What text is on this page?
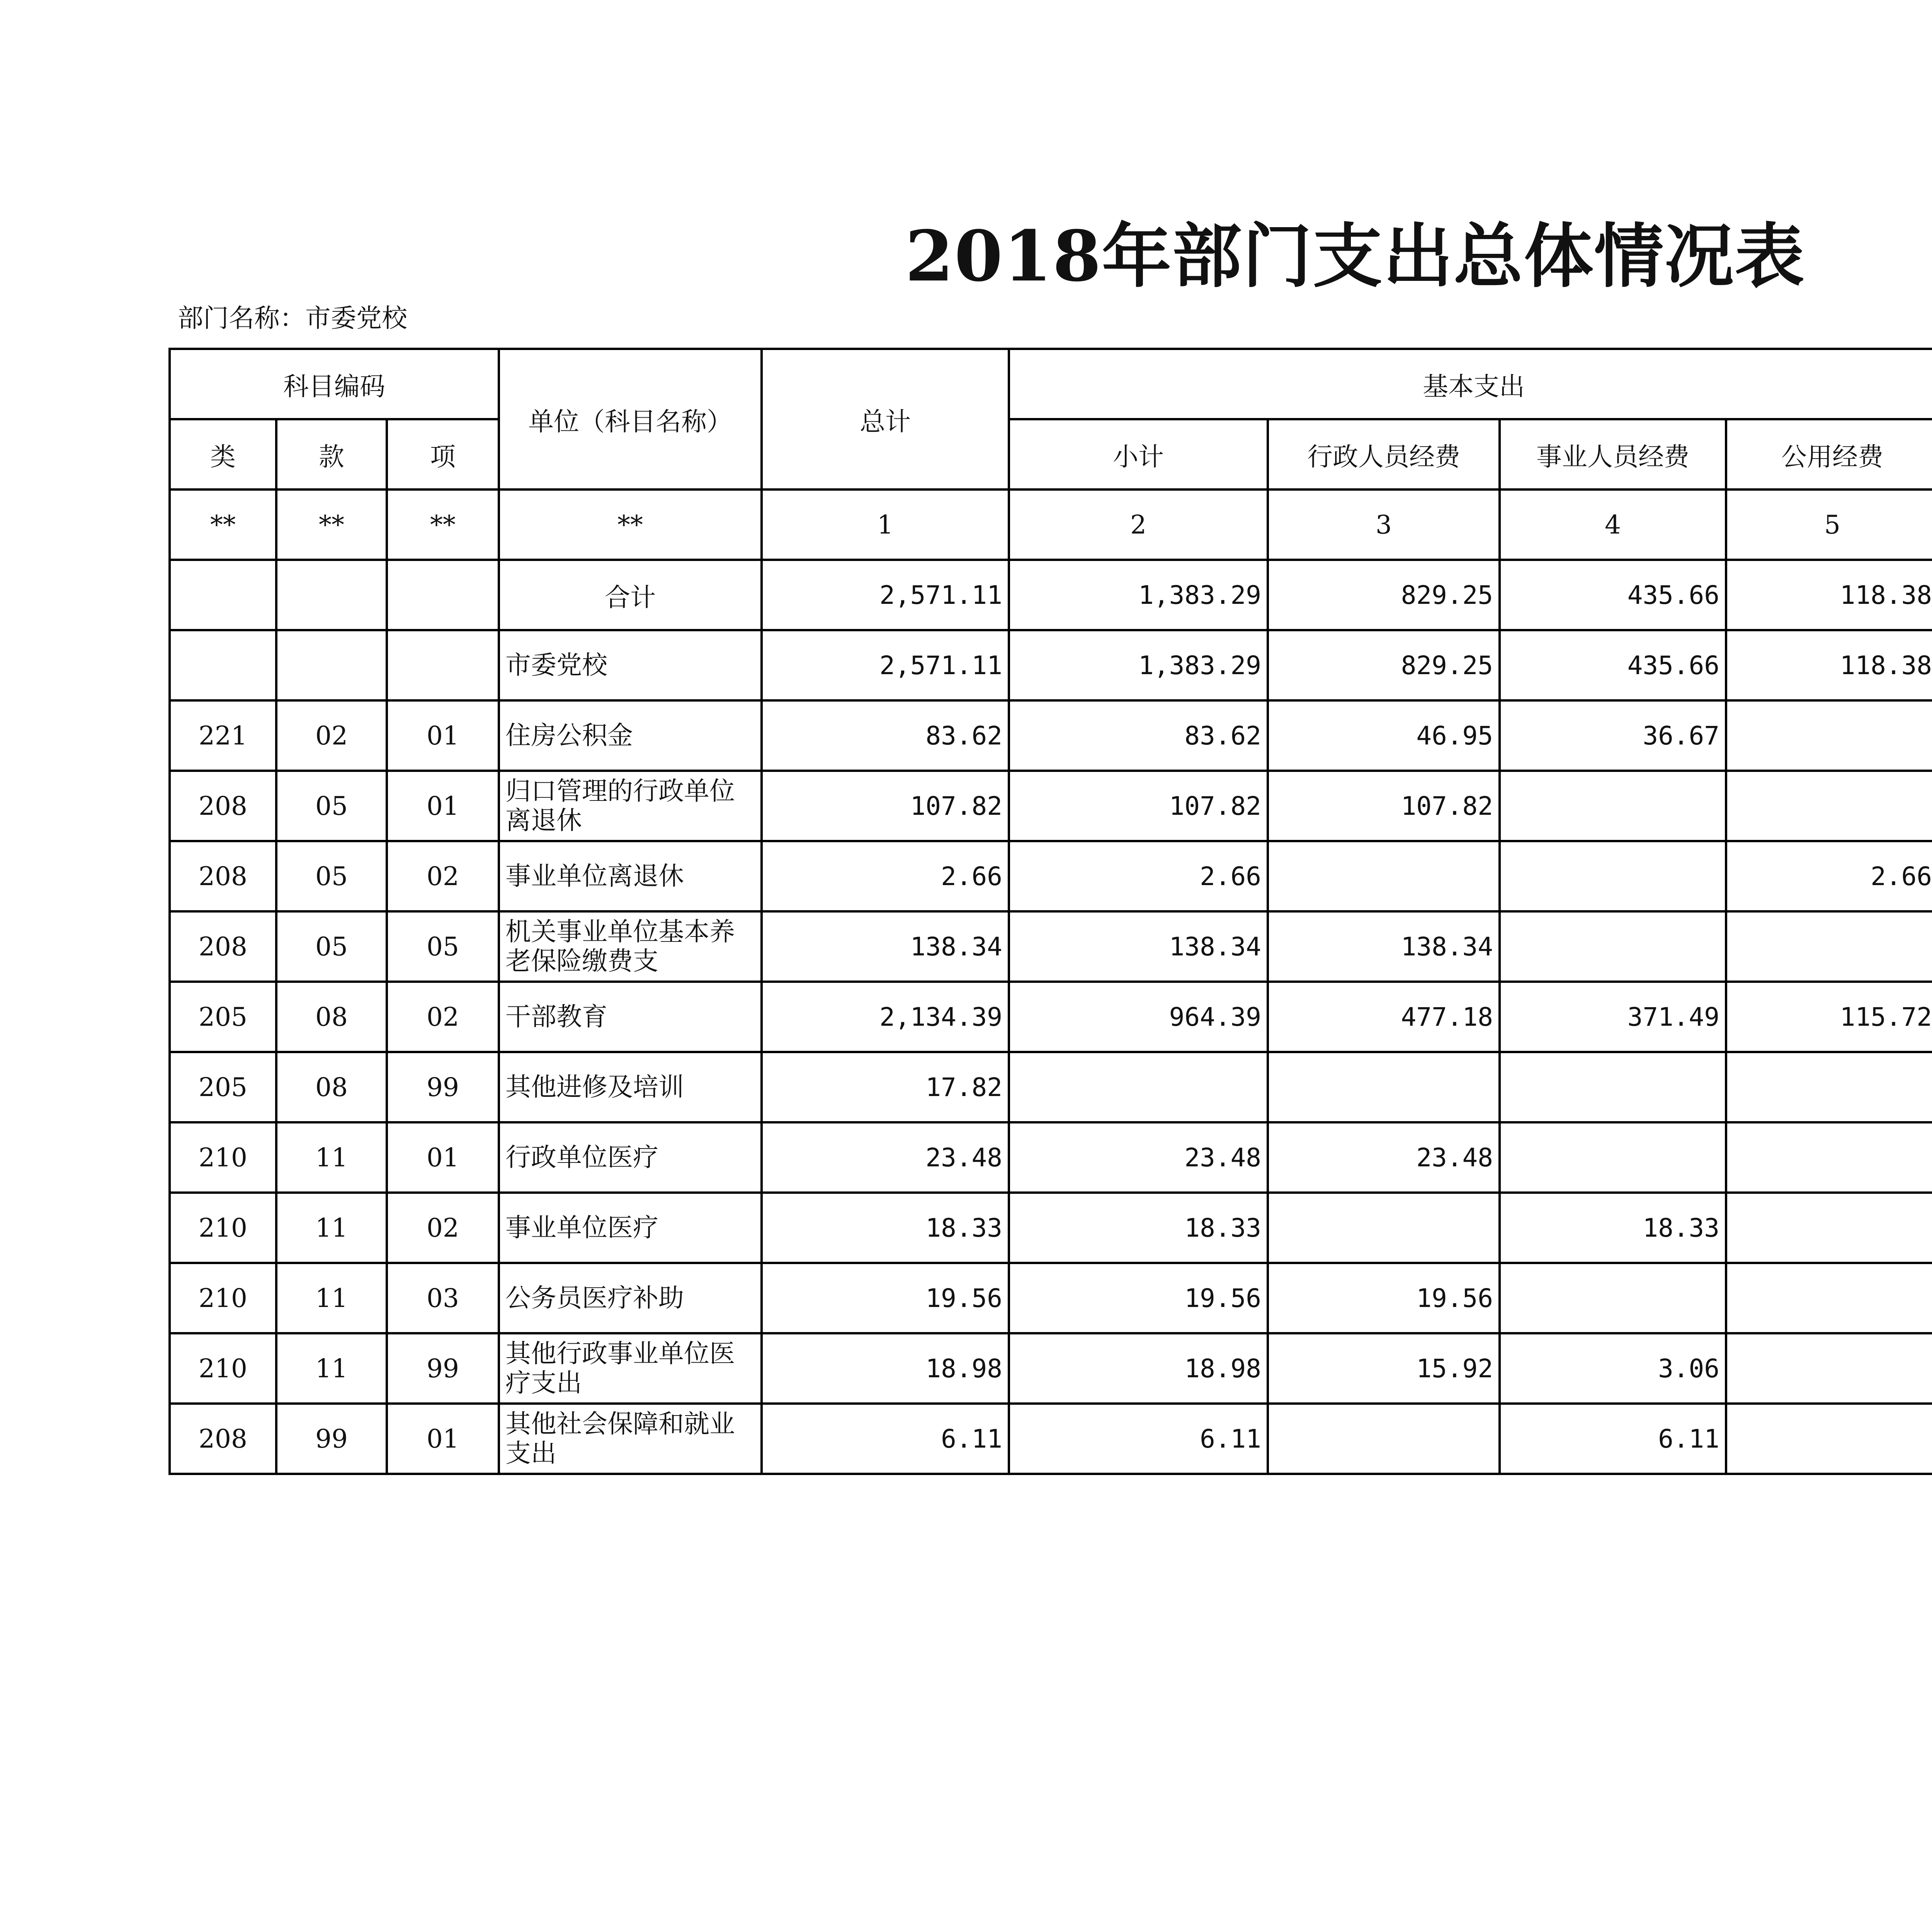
2018年部门支出总体情况表
部门名称：市委党校
科目编码			单位（科目名称）	总计	基本支出	
类	款	项			小计	行政人员经费	事业人员经费	公用经费			
**	**	**	**	1	2	3	4	5			
			合计	2,571.11	1,383.29	829.25	435.66	118.38			
			市委党校	2,571.11	1,383.29	829.25	435.66	118.38			
221	02	01	住房公积金	83.62	83.62	46.95	36.67				
208	05	01	归口管理的行政单位离退休	107.82	107.82	107.82					
208	05	02	事业单位离退休	2.66	2.66			2.66			
208	05	05	机关事业单位基本养老保险缴费支	138.34	138.34	138.34					
205	08	02	干部教育	2,134.39	964.39	477.18	371.49	115.72			
205	08	99	其他进修及培训	17.82							
210	11	01	行政单位医疗	23.48	23.48	23.48					
210	11	02	事业单位医疗	18.33	18.33		18.33				
210	11	03	公务员医疗补助	19.56	19.56	19.56					
210	11	99	其他行政事业单位医疗支出	18.98	18.98	15.92	3.06				
208	99	01	其他社会保障和就业支出	6.11	6.11		6.11				
